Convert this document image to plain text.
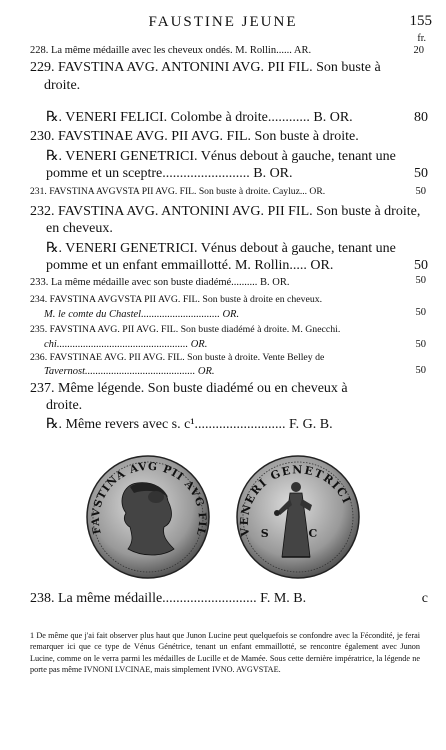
FAUSTINE JEUNE	155
fr.
228. La même médaille avec les cheveux ondés. M. Rollin...... AR.	20
229. FAVSTINA AVG. ANTONINI AVG. PII FIL. Son buste à
droite.
℞. VENERI FELICI. Colombe à droite............ B. OR.	80
230. FAVSTINAE AVG. PII AVG. FIL. Son buste à droite.
℞. VENERI GENETRICI. Vénus debout à gauche, tenant une
pomme et un sceptre......................... B. OR.	50
231. FAVSTINA AVGVSTA PII AVG. FIL. Son buste à droite. Cayluz... OR.	50
232. FAVSTINA AVG. ANTONINI AVG. PII FIL. Son buste à droite,
en cheveux.
℞. VENERI GENETRICI. Vénus debout à gauche, tenant une
pomme et un enfant emmaillotté. M. Rollin..... OR.	50
233. La même médaille avec son buste diadémé.......... B. OR.	50
234. FAVSTINA AVGVSTA PII AVG. FIL. Son buste à droite en cheveux.
M. le comte du Chastel.............................. OR.	50
235. FAVSTINA AVG. PII AVG. FIL. Son buste diadémé à droite. M. Gnecchi.
chi.................................................. OR.	50
236. FAVSTINAE AVG. PII AVG. FIL. Son buste à droite. Vente Belley de
Tavernost.......................................... OR.	50
237. Même légende. Son buste diadémé ou en cheveux à
droite.
℞. Même revers avec s. c¹.......................... F. G. B.
FAVSTINA AVG PII AVG FIL	VENERI GENETRICI
S C
238. La même médaille........................... F. M. B.	c
1 De même que j'ai fait observer plus haut que Junon Lucine peut quelquefois se confondre avec la Fécondité, je ferai remarquer ici que ce type de Vénus Génétrice, tenant un enfant emmaillotté, se rencontre également avec Junon Lucine, comme on le verra parmi les médailles de Lucille et de Mamée. Sous cette dernière impératrice, la légende ne porte pas même IVNONI LVCINAE, mais simplement IVNO. AVGVSTAE.
